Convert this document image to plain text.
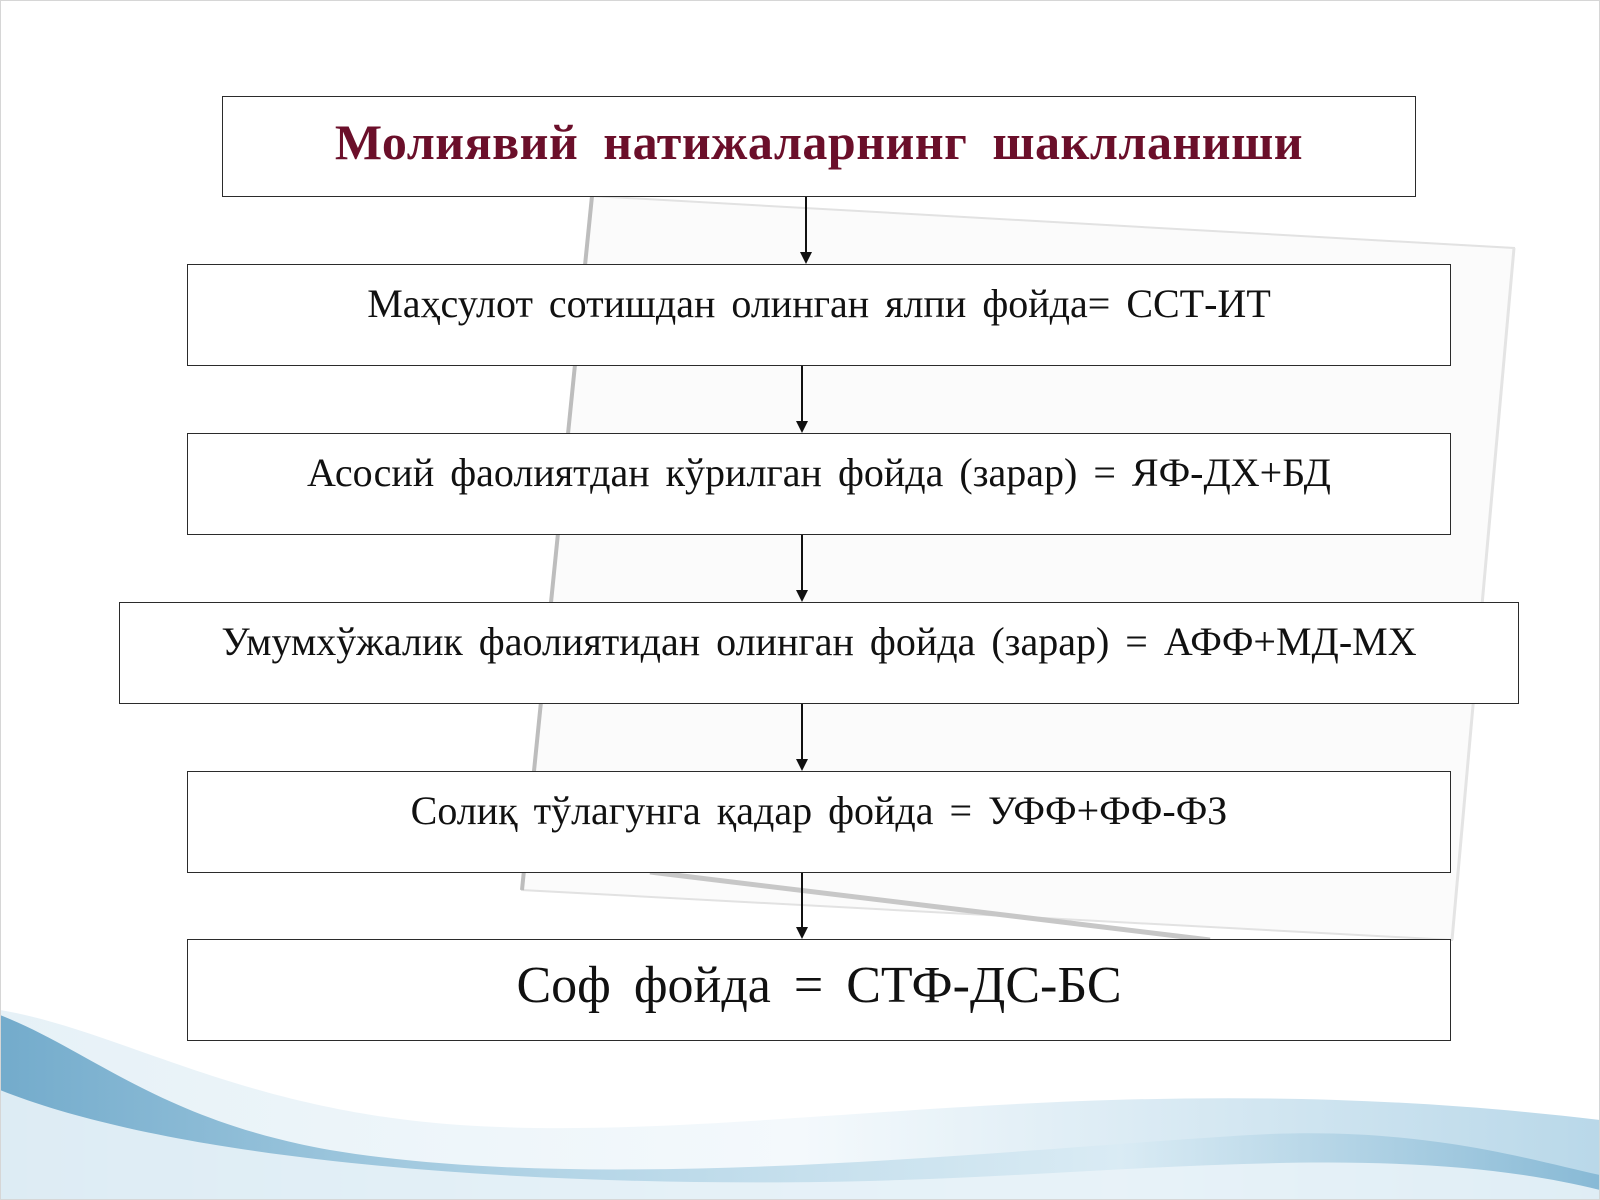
Молиявий натижаларнинг шаклланиши
Маҳсулот сотишдан олинган ялпи фойда= ССТ-ИТ
Асосий фаолиятдан кўрилган фойда (зарар) = ЯФ-ДХ+БД
Умумхўжалик фаолиятидан олинган фойда (зарар) = АФФ+МД-МХ
Солиқ тўлагунга қадар фойда = УФФ+ФФ-ФЗ
Соф фойда = СТФ-ДС-БС
